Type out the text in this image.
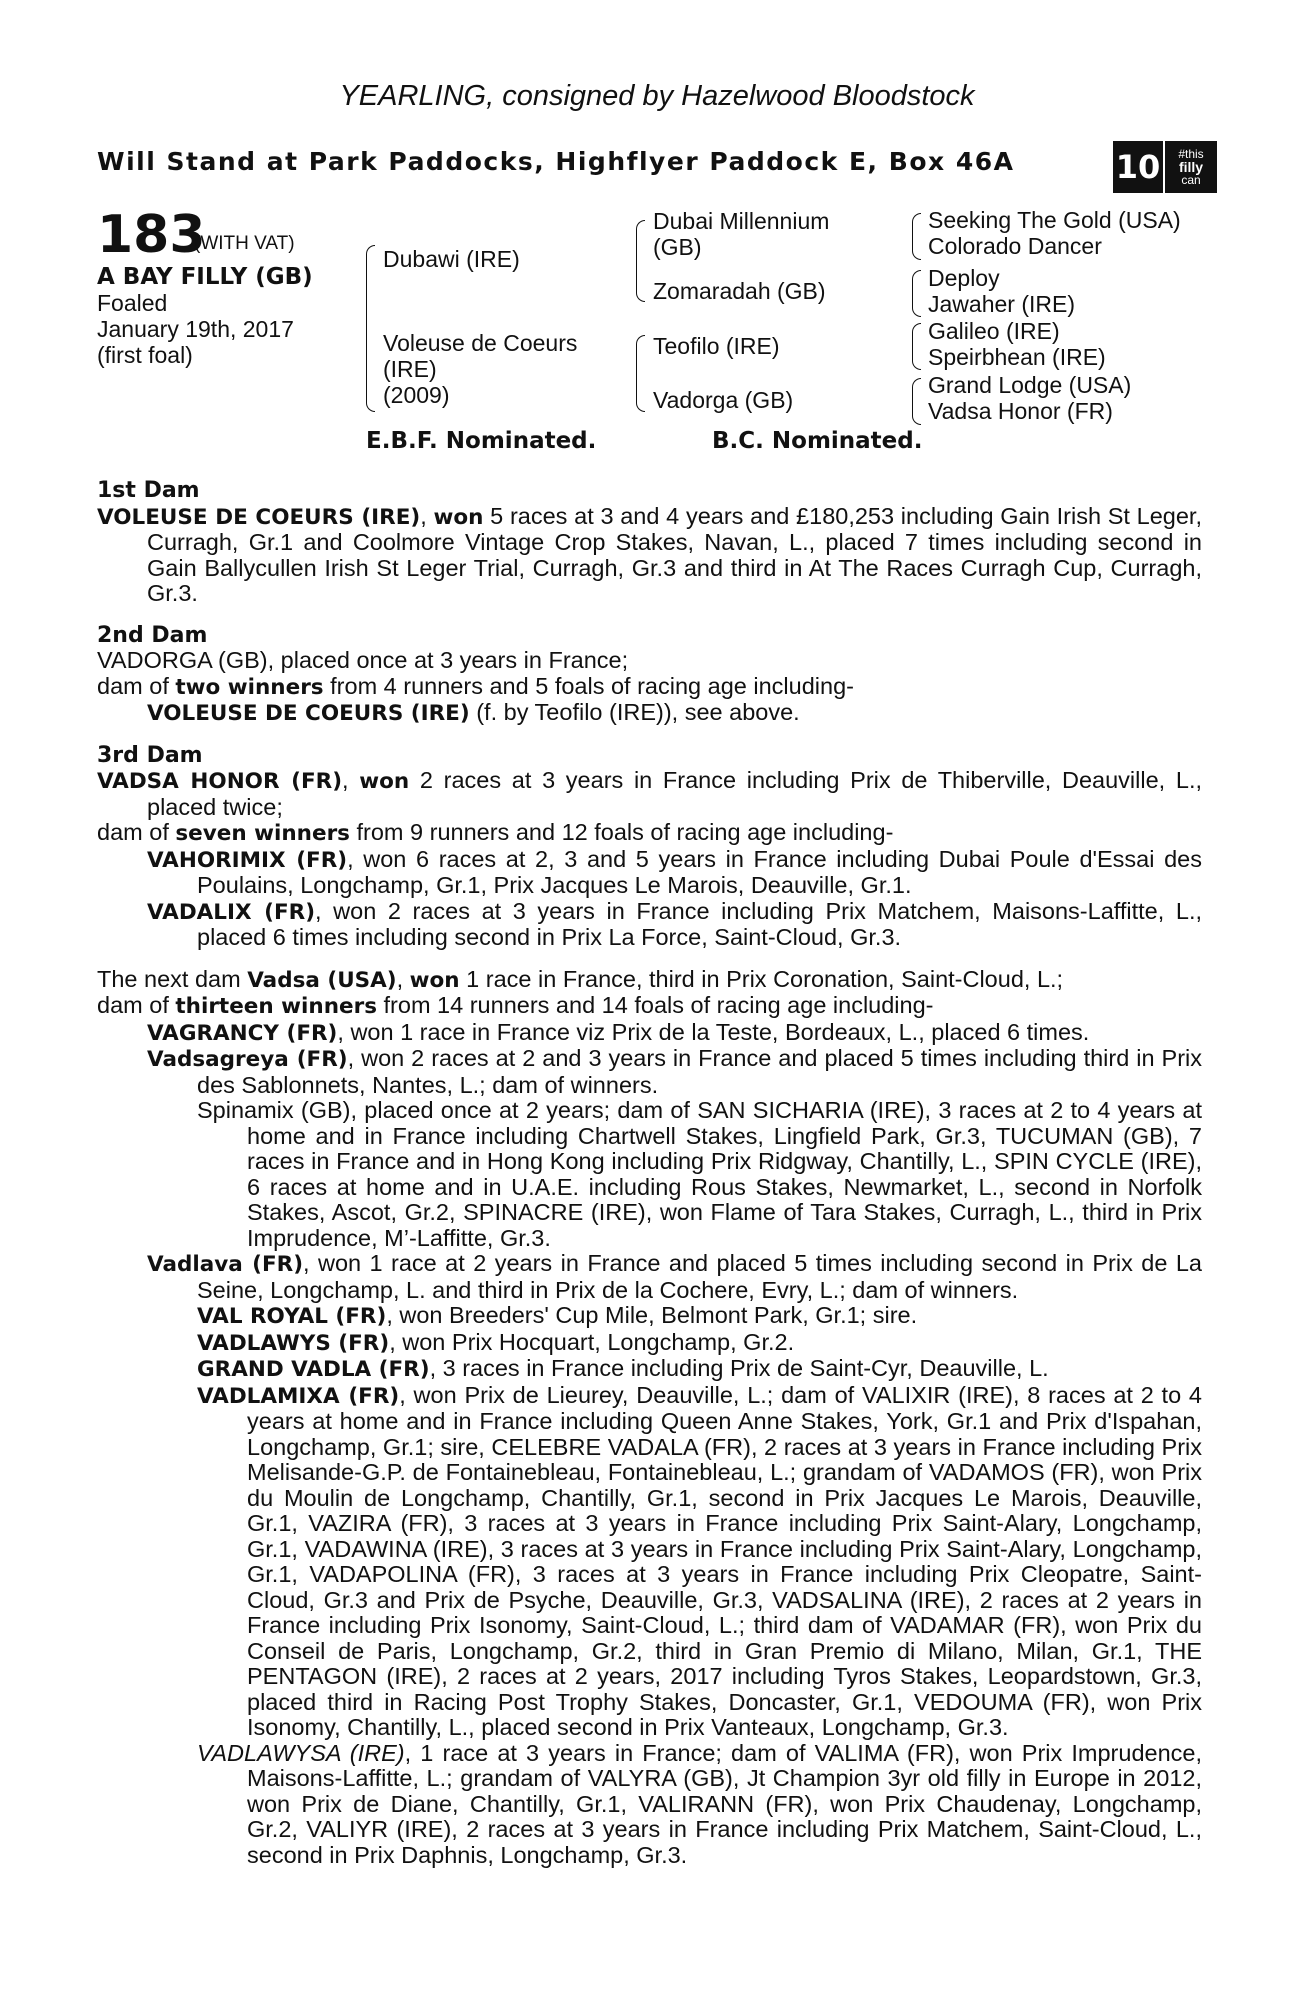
YEARLING, consigned by Hazelwood Bloodstock
Will Stand at Park Paddocks, Highflyer Paddock E, Box 46A	10 #this
filly
can
183
(WITH VAT)
A BAY FILLY (GB)
Foaled
January 19th, 2017
(first foal)
Dubawi (IRE)
Voleuse de Coeurs
(IRE)
(2009)
Dubai Millennium
(GB)
Zomaradah (GB)
Teofilo (IRE)
Vadorga (GB)
Seeking The Gold (USA)
Colorado Dancer
Deploy
Jawaher (IRE)
Galileo (IRE)
Speirbhean (IRE)
Grand Lodge (USA)
Vadsa Honor (FR)
E.B.F. Nominated.	B.C. Nominated.
1st Dam
VOLEUSE DE COEURS (IRE), won 5 races at 3 and 4 years and £180,253 including Gain Irish St Leger, Curragh, Gr.1 and Coolmore Vintage Crop Stakes, Navan, L., placed 7 times including second in Gain Ballycullen Irish St Leger Trial, Curragh, Gr.3 and third in At The Races Curragh Cup, Curragh, Gr.3.
2nd Dam
VADORGA (GB), placed once at 3 years in France;
dam of two winners from 4 runners and 5 foals of racing age including-
VOLEUSE DE COEURS (IRE) (f. by Teofilo (IRE)), see above.
3rd Dam
VADSA HONOR (FR), won 2 races at 3 years in France including Prix de Thiberville, Deauville, L., placed twice;
dam of seven winners from 9 runners and 12 foals of racing age including-
VAHORIMIX (FR), won 6 races at 2, 3 and 5 years in France including Dubai Poule d'Essai des Poulains, Longchamp, Gr.1, Prix Jacques Le Marois, Deauville, Gr.1.
VADALIX (FR), won 2 races at 3 years in France including Prix Matchem, Maisons-Laffitte, L., placed 6 times including second in Prix La Force, Saint-Cloud, Gr.3.
The next dam Vadsa (USA), won 1 race in France, third in Prix Coronation, Saint-Cloud, L.;
dam of thirteen winners from 14 runners and 14 foals of racing age including-
VAGRANCY (FR), won 1 race in France viz Prix de la Teste, Bordeaux, L., placed 6 times.
Vadsagreya (FR), won 2 races at 2 and 3 years in France and placed 5 times including third in Prix des Sablonnets, Nantes, L.; dam of winners.
Spinamix (GB), placed once at 2 years; dam of SAN SICHARIA (IRE), 3 races at 2 to 4 years at home and in France including Chartwell Stakes, Lingfield Park, Gr.3, TUCUMAN (GB), 7 races in France and in Hong Kong including Prix Ridgway, Chantilly, L., SPIN CYCLE (IRE), 6 races at home and in U.A.E. including Rous Stakes, Newmarket, L., second in Norfolk Stakes, Ascot, Gr.2, SPINACRE (IRE), won Flame of Tara Stakes, Curragh, L., third in Prix Imprudence, M’-Laffitte, Gr.3.
Vadlava (FR), won 1 race at 2 years in France and placed 5 times including second in Prix de La Seine, Longchamp, L. and third in Prix de la Cochere, Evry, L.; dam of winners.
VAL ROYAL (FR), won Breeders' Cup Mile, Belmont Park, Gr.1; sire.
VADLAWYS (FR), won Prix Hocquart, Longchamp, Gr.2.
GRAND VADLA (FR), 3 races in France including Prix de Saint-Cyr, Deauville, L.
VADLAMIXA (FR), won Prix de Lieurey, Deauville, L.; dam of VALIXIR (IRE), 8 races at 2 to 4 years at home and in France including Queen Anne Stakes, York, Gr.1 and Prix d'Ispahan, Longchamp, Gr.1; sire, CELEBRE VADALA (FR), 2 races at 3 years in France including Prix Melisande-G.P. de Fontainebleau, Fontainebleau, L.; grandam of VADAMOS (FR), won Prix du Moulin de Longchamp, Chantilly, Gr.1, second in Prix Jacques Le Marois, Deauville, Gr.1, VAZIRA (FR), 3 races at 3 years in France including Prix Saint-Alary, Longchamp, Gr.1, VADAWINA (IRE), 3 races at 3 years in France including Prix Saint-Alary, Longchamp, Gr.1, VADAPOLINA (FR), 3 races at 3 years in France including Prix Cleopatre, Saint-Cloud, Gr.3 and Prix de Psyche, Deauville, Gr.3, VADSALINA (IRE), 2 races at 2 years in France including Prix Isonomy, Saint-Cloud, L.; third dam of VADAMAR (FR), won Prix du Conseil de Paris, Longchamp, Gr.2, third in Gran Premio di Milano, Milan, Gr.1, THE PENTAGON (IRE), 2 races at 2 years, 2017 including Tyros Stakes, Leopardstown, Gr.3, placed third in Racing Post Trophy Stakes, Doncaster, Gr.1, VEDOUMA (FR), won Prix Isonomy, Chantilly, L., placed second in Prix Vanteaux, Longchamp, Gr.3.
VADLAWYSA (IRE), 1 race at 3 years in France; dam of VALIMA (FR), won Prix Imprudence, Maisons-Laffitte, L.; grandam of VALYRA (GB), Jt Champion 3yr old filly in Europe in 2012, won Prix de Diane, Chantilly, Gr.1, VALIRANN (FR), won Prix Chaudenay, Longchamp, Gr.2, VALIYR (IRE), 2 races at 3 years in France including Prix Matchem, Saint-Cloud, L., second in Prix Daphnis, Longchamp, Gr.3.
